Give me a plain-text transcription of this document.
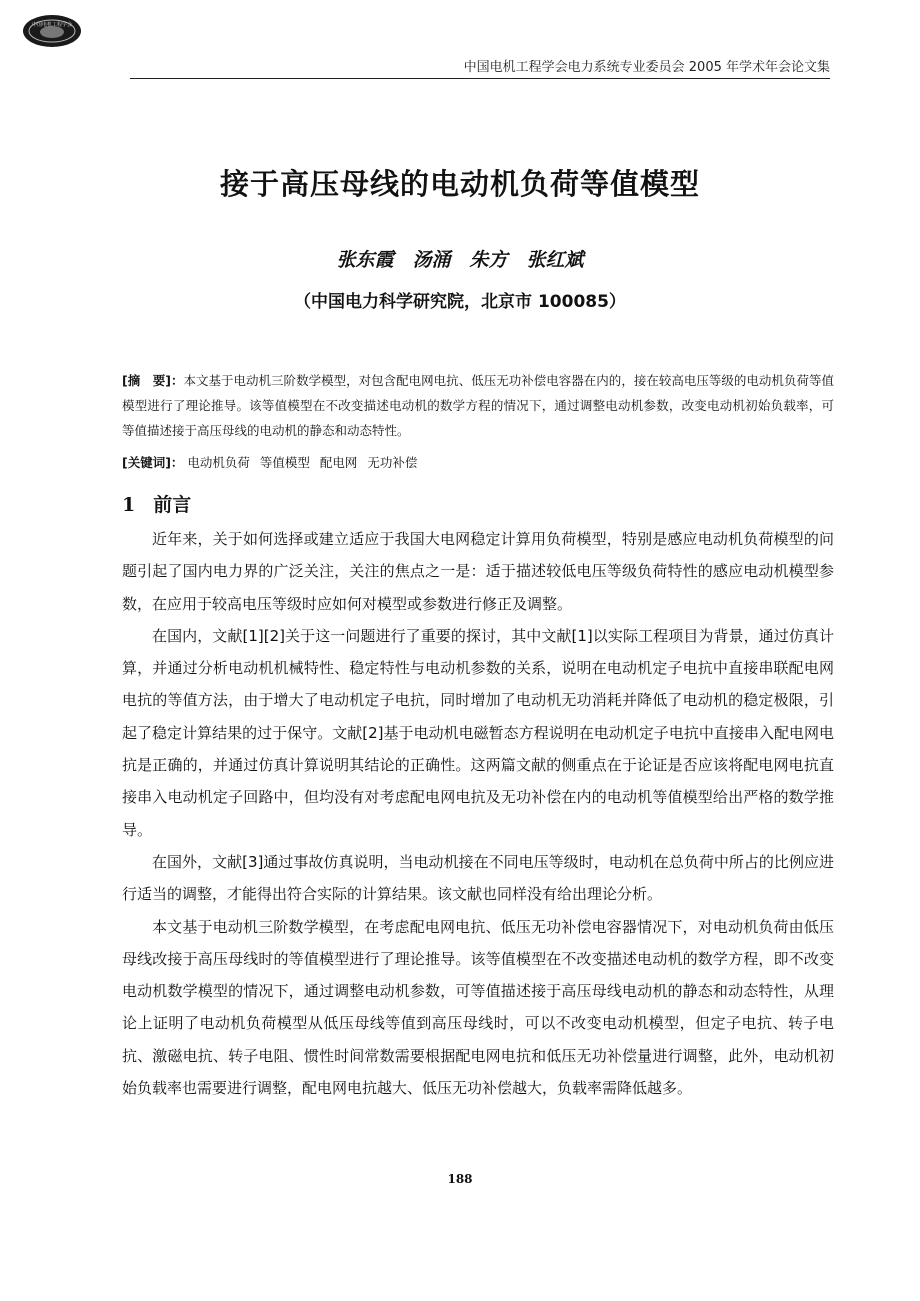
中国电机工程学会
中国电机工程学会电力系统专业委员会 2005 年学术年会论文集
接于高压母线的电动机负荷等值模型
张东霞　汤涌　朱方　张红斌
（中国电力科学研究院，北京市 100085）
[摘　要]：本文基于电动机三阶数学模型，对包含配电网电抗、低压无功补偿电容器在内的，接在较高电压等级的电动机负荷等值模型进行了理论推导。该等值模型在不改变描述电动机的数学方程的情况下，通过调整电动机参数，改变电动机初始负载率，可等值描述接于高压母线的电动机的静态和动态特性。
[关键词]： 电动机负荷 等值模型 配电网 无功补偿
1 前言

近年来，关于如何选择或建立适应于我国大电网稳定计算用负荷模型，特别是感应电动机负荷模型的问题引起了国内电力界的广泛关注，关注的焦点之一是：适于描述较低电压等级负荷特性的感应电动机模型参数，在应用于较高电压等级时应如何对模型或参数进行修正及调整。

在国内，文献[1][2]关于这一问题进行了重要的探讨，其中文献[1]以实际工程项目为背景，通过仿真计算，并通过分析电动机机械特性、稳定特性与电动机参数的关系，说明在电动机定子电抗中直接串联配电网电抗的等值方法，由于增大了电动机定子电抗，同时增加了电动机无功消耗并降低了电动机的稳定极限，引起了稳定计算结果的过于保守。文献[2]基于电动机电磁暂态方程说明在电动机定子电抗中直接串入配电网电抗是正确的，并通过仿真计算说明其结论的正确性。这两篇文献的侧重点在于论证是否应该将配电网电抗直接串入电动机定子回路中，但均没有对考虑配电网电抗及无功补偿在内的电动机等值模型给出严格的数学推导。

在国外，文献[3]通过事故仿真说明，当电动机接在不同电压等级时，电动机在总负荷中所占的比例应进行适当的调整，才能得出符合实际的计算结果。该文献也同样没有给出理论分析。

本文基于电动机三阶数学模型，在考虑配电网电抗、低压无功补偿电容器情况下，对电动机负荷由低压母线改接于高压母线时的等值模型进行了理论推导。该等值模型在不改变描述电动机的数学方程，即不改变电动机数学模型的情况下，通过调整电动机参数，可等值描述接于高压母线电动机的静态和动态特性，从理论上证明了电动机负荷模型从低压母线等值到高压母线时，可以不改变电动机模型，但定子电抗、转子电抗、激磁电抗、转子电阻、惯性时间常数需要根据配电网电抗和低压无功补偿量进行调整，此外，电动机初始负载率也需要进行调整，配电网电抗越大、低压无功补偿越大，负载率需降低越多。

188
